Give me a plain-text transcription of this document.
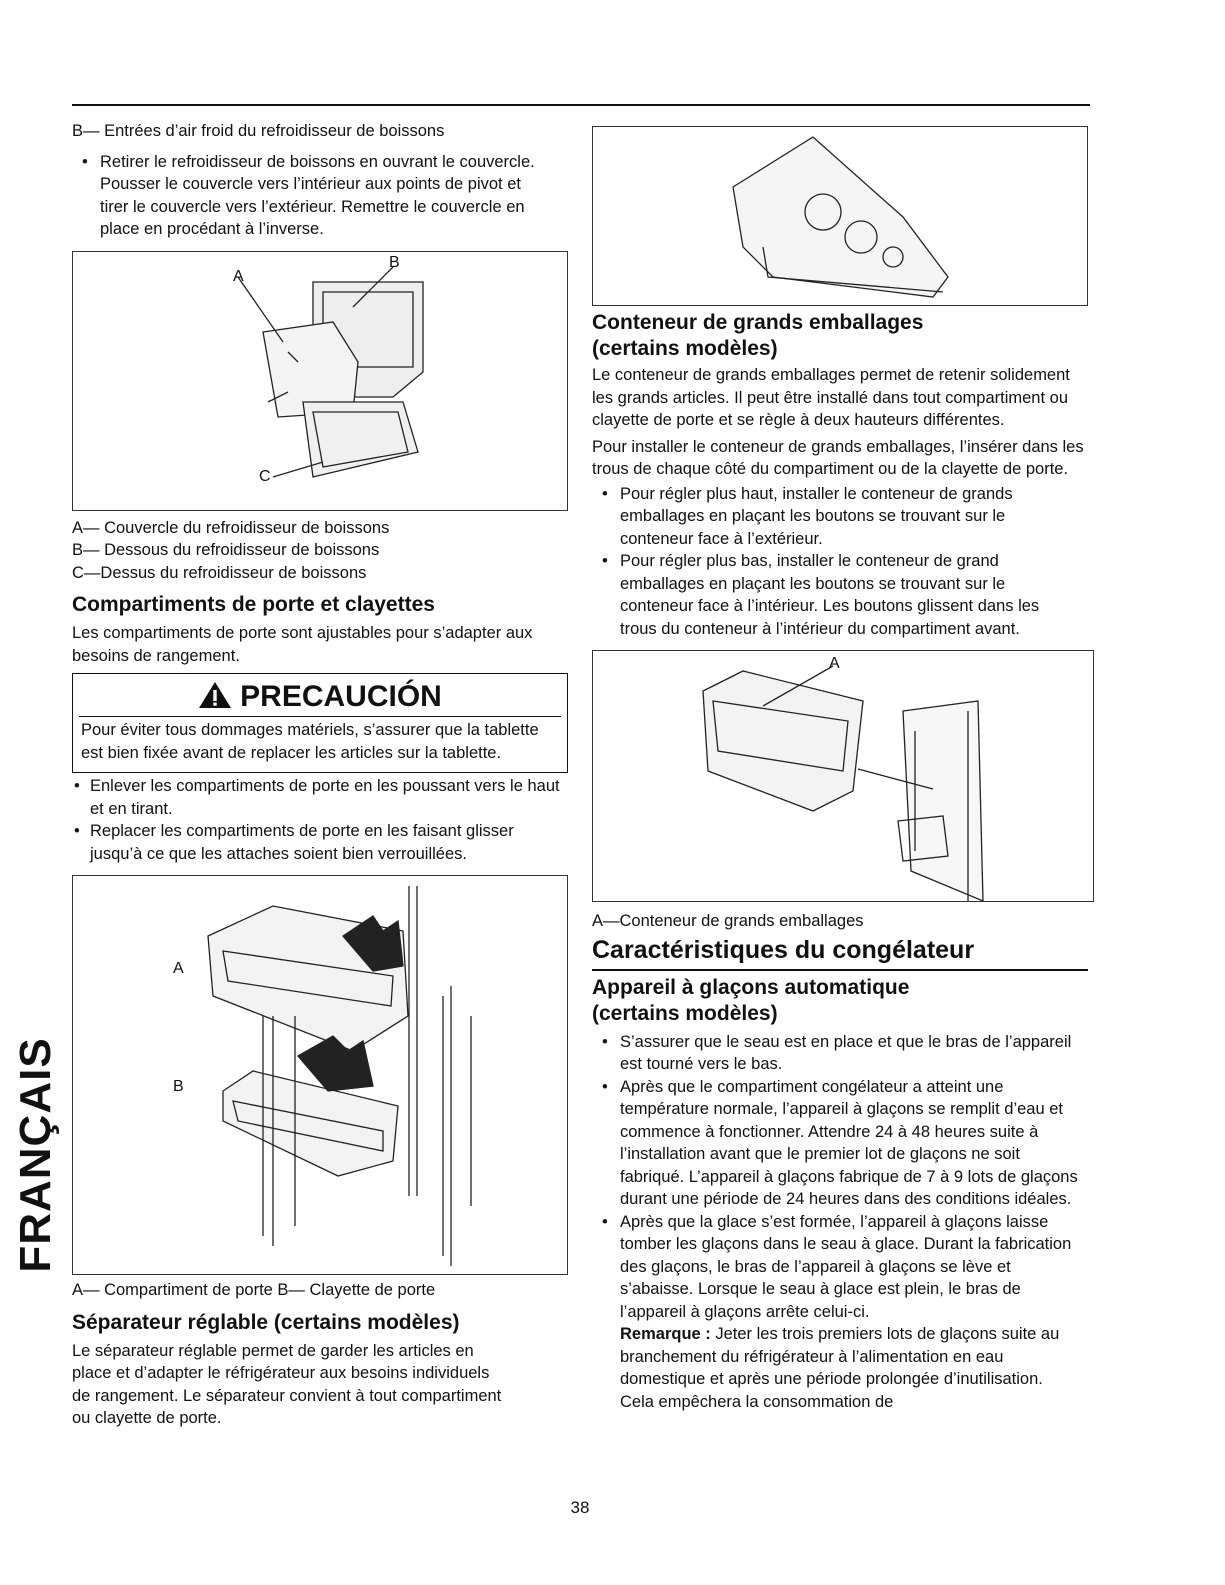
FRANÇAIS

B— Entrées d’air froid du refroidisseur de boissons

• Retirer le refroidisseur de boissons en ouvrant le couvercle. Pousser le couvercle vers l’intérieur aux points de pivot et tirer le couvercle vers l’extérieur. Remettre le couvercle en place en procédant à l’inverse.

A
B
C

A— Couvercle du refroidisseur de boissons

B— Dessous du refroidisseur de boissons

C—Dessus du refroidisseur de boissons

Compartiments de porte et clayettes

Les compartiments de porte sont ajustables pour s’adapter aux besoins de rangement.

PRECAUCIÓN
Pour éviter tous dommages matériels, s’assurer que la tablette est bien fixée avant de replacer les articles sur la tablette.

• Enlever les compartiments de porte en les poussant vers le haut et en tirant.

• Replacer les compartiments de porte en les faisant glisser jusqu’à ce que les attaches soient bien verrouillées.

A
B

A— Compartiment de porte B— Clayette de porte

Séparateur réglable (certains modèles)

Le séparateur réglable permet de garder les articles en place et d’adapter le réfrigérateur aux besoins individuels de rangement. Le séparateur convient à tout compartiment ou clayette de porte.

Conteneur de grands emballages
(certains modèles)

Le conteneur de grands emballages permet de retenir solidement les grands articles. Il peut être installé dans tout compartiment ou clayette de porte et se règle à deux hauteurs différentes.

Pour installer le conteneur de grands emballages, l’insérer dans les trous de chaque côté du compartiment ou de la clayette de porte.

• Pour régler plus haut, installer le conteneur de grands emballages en plaçant les boutons se trouvant sur le conteneur face à l’extérieur.

• Pour régler plus bas, installer le conteneur de grand emballages en plaçant les boutons se trouvant sur le conteneur face à l’intérieur. Les boutons glissent dans les trous du conteneur à l’intérieur du compartiment avant.

A

A—Conteneur de grands emballages

Caractéristiques du congélateur
Appareil à glaçons automatique
(certains modèles)

• S’assurer que le seau est en place et que le bras de l’appareil est tourné vers le bas.

• Après que le compartiment congélateur a atteint une température normale, l’appareil à glaçons se remplit d’eau et commence à fonctionner. Attendre 24 à 48 heures suite à l’installation avant que le premier lot de glaçons ne soit fabriqué. L’appareil à glaçons fabrique de 7 à 9 lots de glaçons durant une période de 24 heures dans des conditions idéales.

• Après que la glace s’est formée, l’appareil à glaçons laisse tomber les glaçons dans le seau à glace. Durant la fabrication des glaçons, le bras de l’appareil à glaçons se lève et s’abaisse. Lorsque le seau à glace est plein, le bras de l’appareil à glaçons arrête celui-ci.

Remarque : Jeter les trois premiers lots de glaçons suite au branchement du réfrigérateur à l’alimentation en eau domestique et après une période prolongée d’inutilisation. Cela empêchera la consommation de

38
